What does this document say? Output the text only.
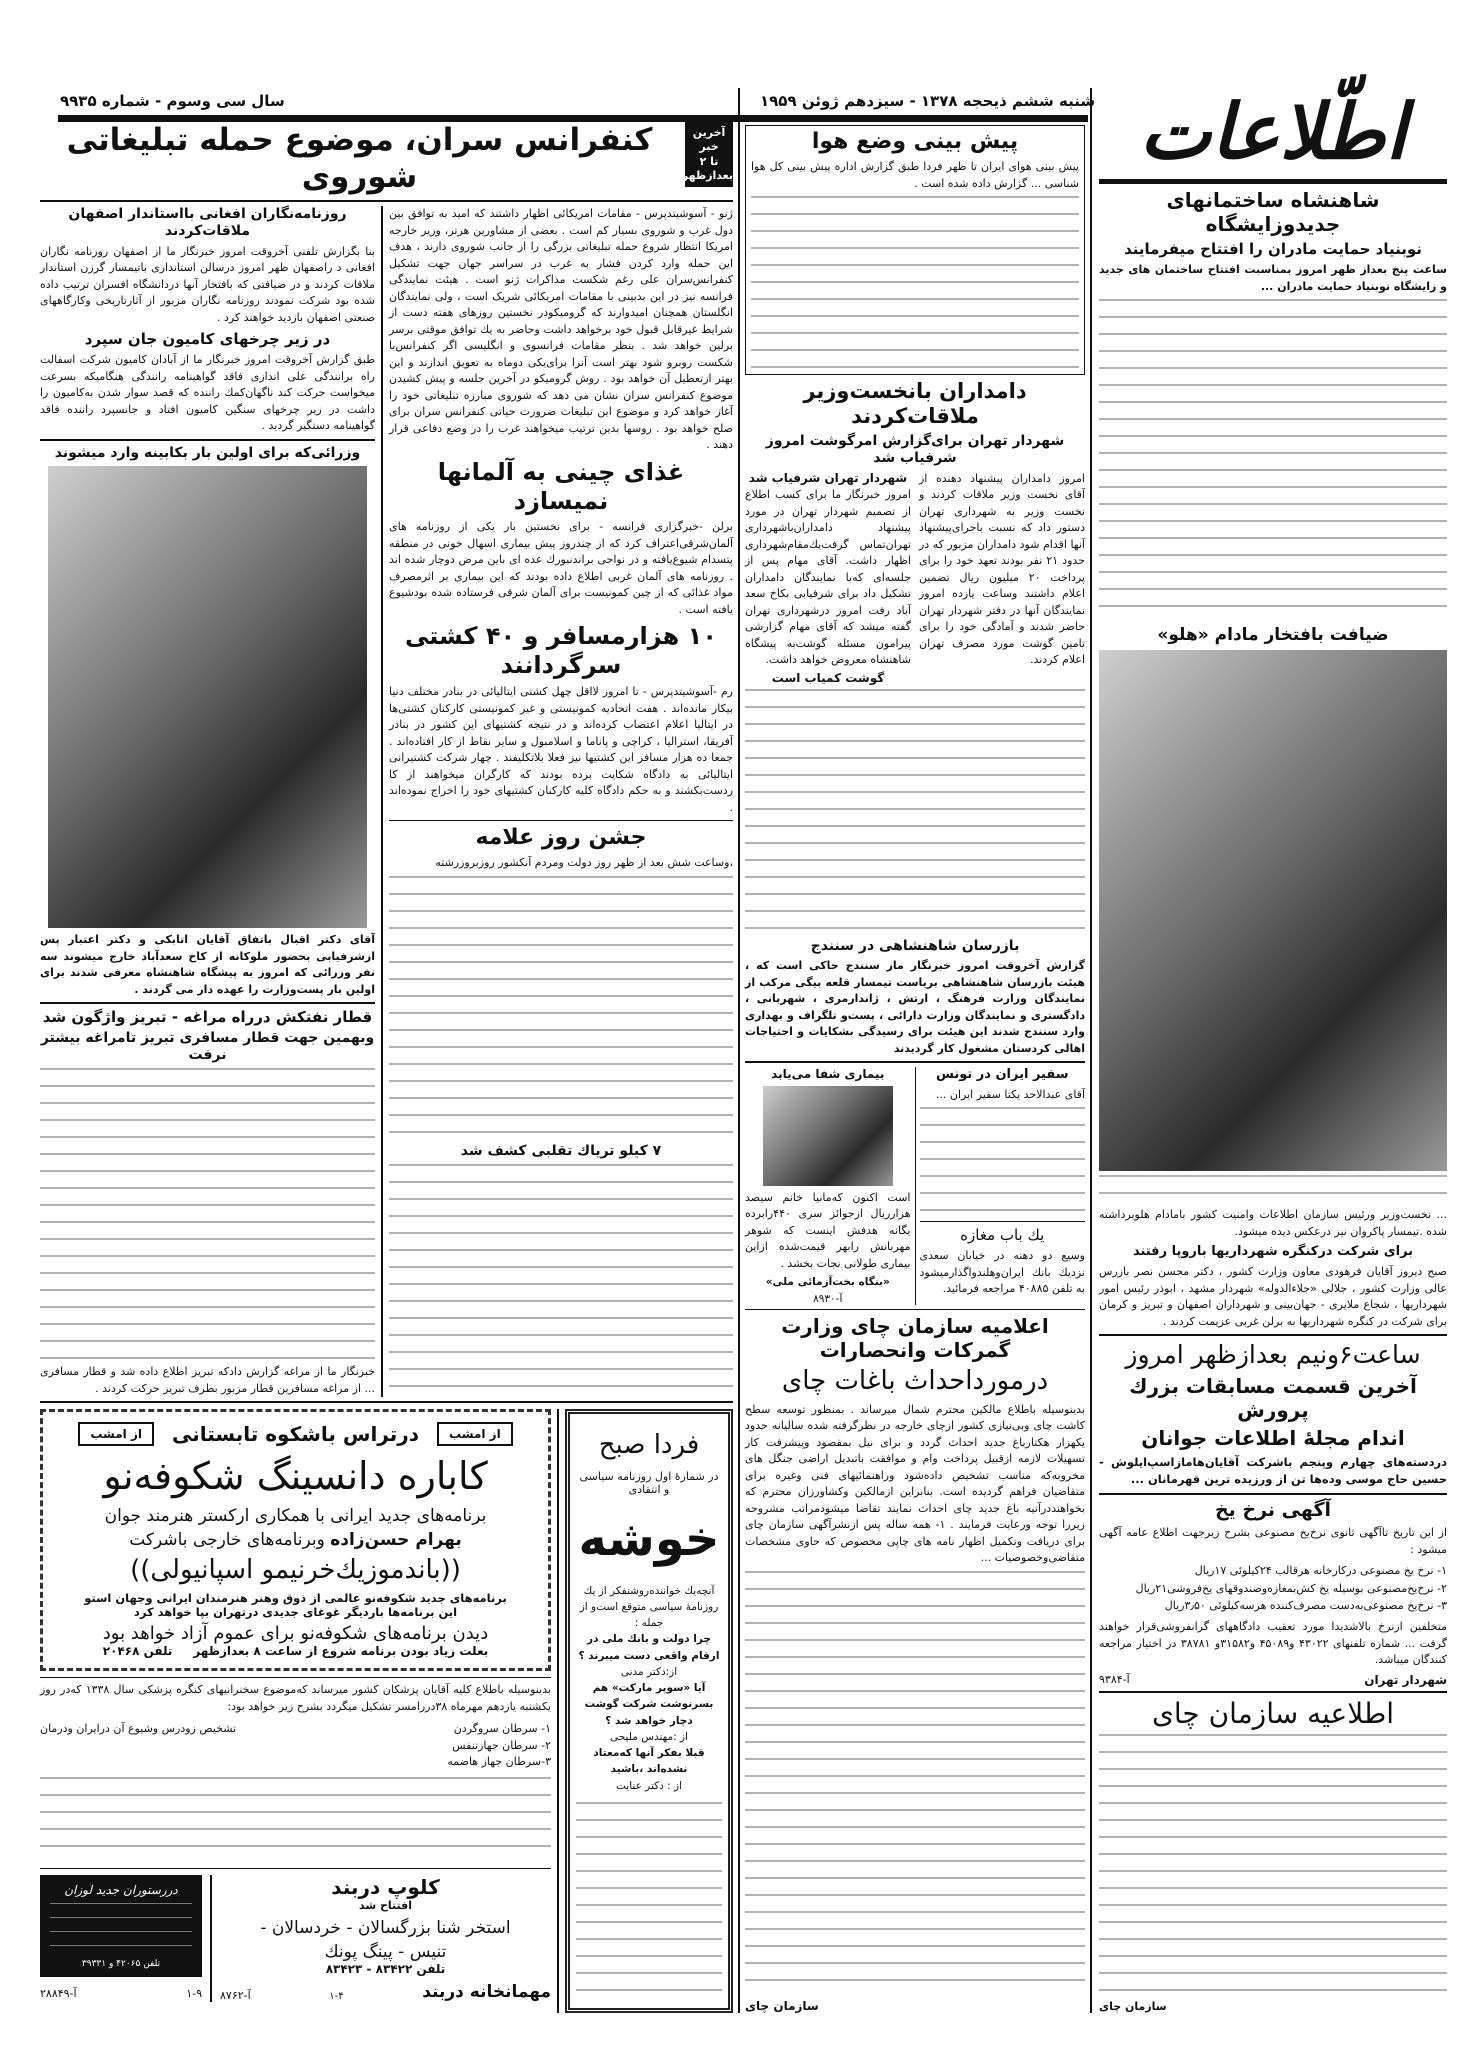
سال سی وسوم - شماره ۹۹۳۵	شنبه ششم ذیحجه ۱۳۷۸ - سیزدهم ژوئن ۱۹۵۹ اطّلاعات
شاهنشاه ساختمانهای جدیدوزایشگاه
نوبنیاد حمایت مادران را افتتاح میفرمایند
ساعت پنج بعداز ظهر امروز بمناسبت افتتاح ساختمان های جدید و زایشگاه نوبنیاد حمایت مادران ...
ضیافت بافتخار مادام «هلو»
... نخست‌وزیر ورئیس سازمان اطلاعات وامنیت کشور بامادام هلوبرداشته شده .تیمسار پاکروان نیز درعکس دیده میشود.
برای شرکت درکنگره شهرداریها باروپا رفتند
صبح دیروز آقایان فرهودی معاون وزارت کشور ، دکتر محسن نصر بازرس عالی وزارت کشور ، جلالی «جلاءالدوله» شهردار مشهد ، ابوذر رئیس امور شهرداریها ، شجاع ملایری - جهان‌بینی و شهرداران اصفهان و تبریز و کرمان برای شرکت در کنگره شهرداریها به برلن غربی عزیمت کردند .
ساعت۶ونیم بعدازظهر امروز
آخرین قسمت مسابقات بزرك پرورش
اندام مجلهٔ اطلاعات جوانان
دردسته‌های چهارم وپنجم باشرکت آقایان‌هامازاسپ‌ایلوش - حسین حاج موسی وده‌ها تن از ورزیده ترین قهرمانان ...
آگهی نرخ یخ
از این تاریخ تاآگهی ثانوی نرخ‌یخ مصنوعی بشرح زیرجهت اطلاع عامه آگهی میشود :
۱- نرخ یخ مصنوعی درکارخانه هرقالب ۲۴کیلوئی ۱۷ریال
۲- نرخ‌یخ‌مصنوعی بوسیله یخ کش‌بمغازه‌وصندوقهای یخ‌فروشی۲۱ریال
۳- نرخ‌یخ مصنوعی‌به‌دست مصرف‌کننده هرسه‌کیلوئی ۳٫۵۰ریال
متخلفین ازنرخ بالاشدیدا مورد تعقیب دادگاههای گرانفروشی‌قرار خواهند گرفت ... شماره تلفنهای ۴۳۰۲۲ و۴۵۰۸۹ و۳۱۵۸۲و ۳۸۷۸۱ در اختیار مراجعه کنندگان میباشد.
شهردار تهران
آ-۹۳۸۴
اطلاعیه سازمان چای
سازمان چای
پیش بینی وضع هوا
پیش بینی هوای ایران تا ظهر فردا طبق گزارش اداره پیش بینی کل هوا شناسی ... گزارش داده شده است .
دامداران بانخست‌وزیر ملاقات‌کردند
شهردار تهران برای‌گزارش امرگوشت امروز شرفیاب شد
امروز دامداران پیشنهاد دهنده از آقای نخست وزیر ملاقات کردند و نخست وزیر به شهرداری تهران دستور داد که نسبت باجرای‌پیشنهاد آنها اقدام شود دامداران مزبور که در حدود ۲۱ نفر بودند تعهد خود را برای پرداخت ۲۰ میلیون ریال تضمین اعلام داشتند وساعت یازده امروز نمایندگان آنها در دفتر شهردار تهران حاضر شدند و آمادگی خود را برای تامین گوشت مورد مصرف تهران اعلام کردند.
شهردار تهران شرفیاب شد
امروز خبرنگار ما برای کسب اطلاع از تصمیم شهردار تهران در مورد پیشنهاد دامداران‌باشهرداری تهران‌تماس گرفت‌یك‌مقام‌شهرداری اظهار داشت. آقای مهام پس از جلسه‌ای که‌با نمایندگان دامداران تشکیل داد برای شرفیابی بکاخ سعد آباد رفت امروز درشهرداری تهران گفته میشد که آقای مهام گزارشی پیرامون مسئله گوشت‌به پیشگاه شاهنشاه معروض خواهد داشت.
گوشت کمیاب است
بازرسان شاهنشاهی در سنندج
گزارش آخروقت امروز خبرنگار ماز سنندج حاکی است که ، هیئت بازرسان شاهنشاهی بریاست تیمسار قلعه بیگی مرکب از نمایندگان وزارت فرهنگ ، ارتش ، ژاندارمری ، شهربانی ، دادگستری و نمایندگان وزارت دارائی ، پست‌و تلگراف و بهداری وارد سنندج شدند این هیئت برای رسیدگی بشکایات و احتیاجات اهالی کردستان مشغول کار گردیدند
سفیر ایران در تونس
آقای عبدالاحد یکتا سفیر ایران ...
یك باب مغازه
وسیع دو دهنه در خیابان سعدی نزدیك بانك ایران‌وهلندواگذارمیشود به تلفن ۴۰۸۸۵ مراجعه فرمائید.
بیماری شفا می‌یابد
است اکنون که‌مانیا خانم سیصد هزارریال ازجوائز سری ۴۴۰رابرده یگانه هدفش اینست که شوهر مهربانش رابهر قیمت‌شده ازاین بیماری طولانی نجات بخشد .
«بنگاه بخت‌آزمائی ملی»
آ-۸۹۳۰
اعلامیه سازمان چای وزارت گمرکات وانحصارات
درمورداحداث باغات چای
بدینوسیله باطلاع مالکین محترم شمال میرساند . بمنظور توسعه سطح کاشت چای وبی‌نیازی کشور ازچای خارجه در نظرگرفته شده سالیانه حدود یکهزار هکتارباغ جدید احداث گردد و برای نیل بمقصود وپیشرفت کار تسهیلات لازمه ازقبیل پرداخت وام و موافقت باتبدیل اراضی جنگل های مخروبه‌که مناسب تشخیص داده‌شود وراهنمائیهای فنی وغیره برای متقاضیان فراهم گردیده است. بنابراین ازمالکین وکشاورزان محترم که بخواهنددرآتیه باغ جدید چای احداث نمایند تقاضا میشودمراتب مشروحه زیررا توجه ورعایت فرمایند . ۱- همه ساله پس ازنشرآگهی سازمان چای برای دریافت وتکمیل اظهار نامه های چاپی مخصوص که حاوی مشخصات متقاضی‌وخصوصیات ...
سازمان چای
آخرین خبر
تا ۲ بعدازظهر
کنفرانس سران، موضوع حمله تبلیغاتی شوروی
ژنو - آسوشیتدپرس - مقامات امریکائی اظهار داشتند که امید به توافق بین دول غرب و شوروی بسیار کم است . بعضی از مشاورین هرتر، وزیر خارجه امریکا انتظار شروع حمله تبلیغاتی بزرگی را از جانب شوروی دارند ، هدف این حمله وارد کردن فشار به غرب در سراسر جهان جهت تشکیل کنفرانس‌سران علی رغم شکست مذاکرات ژنو است . هیئت نمایندگی فرانسه نیز در این بدبینی با مقامات امریکائی شریک است ، ولی نمایندگان انگلستان همچنان امیدوارند که گرومیکودر نخستین روزهای هفته دست از شرایط غیرقابل قبول خود برخواهد داشت وحاضر به یك توافق موقتی برسر برلین خواهد شد . بنظر مقامات فرانسوی و انگلیسی اگر کنفرانس‌با شکست روبرو شود بهتر است آنرا برای‌یکی دوماه به تعویق اندازند و این بهتر ازتعطیل آن خواهد بود . روش گرومیکو در آخرین جلسه و پیش کشیدن موضوع کنفرانس سران نشان می دهد که شوروی مبارزه تبلیغاتی خود را آغاز خواهد کرد و موضوع این تبلیغات ضرورت حیاتی کنفرانس سران برای صلح خواهد بود . روسها بدین ترتیب میخواهند غرب را در وضع دفاعی قرار دهند .
غذای چینی به آلمانها نمیسازد
برلن -خبرگزاری فرانسه - برای نخستین بار یکی از روزنامه های آلمان‌شرقی‌اعتراف کرد که از چندروز پیش بیماری اسهال خونی در منطقه پتسدام شیوع‌یافته و در نواحی براندنبورك عده ای باین مرض دوچار شده اند . روزنامه های آلمان غربی اطلاع داده بودند که این بیماری بر اثرمصرف مواد غذائی که از چین کمونیست برای آلمان شرقی فرستاده شده بودشیوع یافته است .
۱۰ هزارمسافر و ۴۰ کشتی سرگردانند
رم -آسوشیتدپرس - تا امروز لااقل چهل کشتی ایتالیائی در بنادر مختلف دنیا بیکار مانده‌اند . هفت اتحادیه کمونیستی و غیر کمونیستی کارکنان کشتی‌ها در ایتالیا اعلام اعتصاب کرده‌اند و در نتیجه کشتیهای این کشور در بنادر آفریقا، استرالیا ، کراچی و پاناما و اسلامبول و سایر نقاط از کار افتاده‌اند . جمعا ده هزار مسافر این کشتیها نیز فعلا بلاتکلیفند . چهار شرکت کشتیرانی ایتالیائی به دادگاه شکایت برده بودند که کارگران میخواهند از کا ردست‌بکشند و به حکم دادگاه کلیه کارکنان کشتیهای خود را اخراج نموده‌اند .
جشن روز علامه
،وساعت شش بعد از ظهر روز دولت ومردم آنکشور روزبروزرشته
۷ کیلو تریاك تقلبی کشف شد
روزنامه‌نگاران افغانی بااستاندار اصفهان ملاقات‌کردند
بنا بگزارش تلفنی آخروقت امروز خبرنگار ما از اصفهان روزنامه نگاران افغانی د راصفهان ظهر امروز درسالن استانداری باتیمسار گرزن استاندار ملاقات کردند و در ضیافتی که بافتخار آنها دردانشگاه افسران ترتیب داده شده بود شرکت نمودند روزنامه نگاران مزبور از آثارتاریخی وکارگاههای صنعتی اصفهان بازدید خواهند کرد .
در زیر چرخهای کامیون جان سپرد
طبق گزارش آخروقت امروز خبرنگار ما از آبادان کامیون شرکت اسفالت راه برانندگی علی اندازی فاقد گواهینامه رانندگی هنگامیکه بسرعت میخواست حرکت کند ناگهان‌کمك راننده که قصد سوار شدن به‌کامیون را داشت در زیر چرخهای سنگین کامیون افتاد و جانسپرد راننده فاقد گواهینامه دستگیر گردید .
وزرائی‌که برای اولین بار بکابینه وارد میشوند
آقای دکتر اقبال باتفاق آقایان اتابکی و دکتر اعتبار پس ازشرفیابی بحضور ملوکانه از کاخ سعدآباد خارج میشوند سه نفر وزرائی که امروز به پیشگاه شاهنشاه معرفی شدند برای اولین بار پست‌وزارت را عهده دار می گردند .
قطار نفتکش درراه مراغه - تبریز واژگون شد
وبهمین جهت قطار مسافری تبریز تامراغه بیشتر نرفت
خبرنگار ما از مراغه گزارش دادکه تبریز اطلاع داده شد و قطار مسافری ... از مراغه مسافرین قطار مزبور بطرف تبریز حرکت کردند .
فردا صبح
در شمارهٔ اول روزنامه سیاسی و انتقادی
خوشه
آنچه‌یك خواننده‌روشنفکر از یك روزنامهٔ سیاسی متوقع است‌و از جمله :
چرا دولت و بانك ملی در ارقام واقعی دست میبرند ؟
از:دکتر مدنی
آیا «سوپر مارکت» هم بسرنوشت شرکت گوشت دچار خواهد شد ؟
از :مهندس ملیحی
قبلا بفکر آنها که‌معتاد نشده‌اند ،باشید
از : دکتر عنایت
از امشب
درتراس باشکوه تابستانی
از امشب
کاباره دانسینگ شکوفه‌نو
برنامه‌های جدید ایرانی با همکاری ارکستر هنرمند جوان
بهرام حسن‌زاده وبرنامه‌های خارجی باشرکت
((باندموزیك‌خرنیمو اسپانیولی))
برنامه‌های جدید شکوفه‌نو عالمی از ذوق وهنر هنرمندان ایرانی وجهان استو
این برنامه‌ها باردیگر غوغای جدیدی درتهران بپا خواهد کرد
دیدن برنامه‌های شکوفه‌نو برای عموم آزاد خواهد بود
بعلت زیاد بودن برنامه شروع از ساعت ۸ بعدازظهر     تلفن ۲۰۴۶۸
بدینوسیله باطلاع کلیه آقایان پزشکان کشور میرساند که‌موضوع سخنرانیهای کنگره پزشکی سال ۱۳۳۸ که‌در روز یکشنبه یازدهم مهرماه ۳۸دررامسر تشکیل میگردد بشرح زیر خواهد بود:
۱- سرطان سروگردن
تشخیص زودرس وشیوع آن درایران ودرمان
۲- سرطان جهازتنفس
۳-سرطان جهاز هاضمه
کلوپ دربند
افتتاح شد
استخر شنا بزرگسالان - خردسالان -
تنیس - پینگ پونك
تلفن ۸۳۴۲۲ - ۸۳۴۲۳
مهمانخانه دربند
۱-۴
آ-۸۷۶۲
دررستوران جدید لوزان
تلفن ۴۲۰۶۵ و ۳۹۳۳۱
۱-۹
آ-۲۸۸۴۹
